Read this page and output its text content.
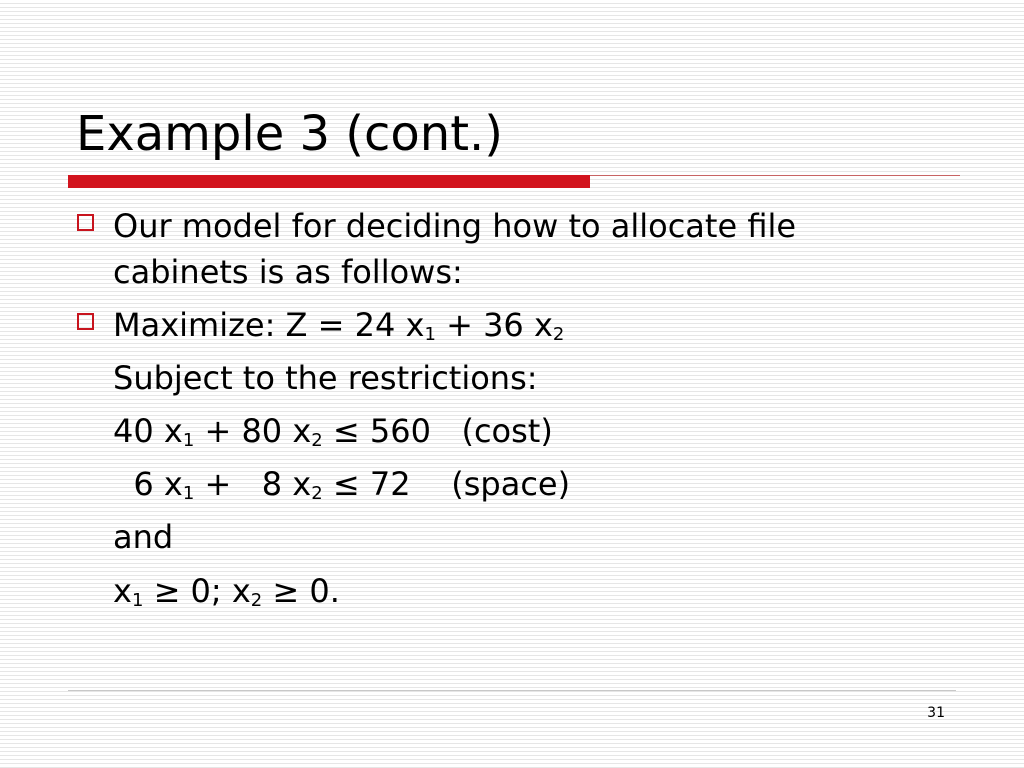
Example 3 (cont.)
Our model for deciding how to allocate file
cabinets is as follows:
Maximize: Z = 24 $x_1 + 36$ $x_2$
Subject to the restrictions:
40 $x_1 + 80$ $x_2 \le 560$   (cost)
6 $x_1 + 8$ $x_2 \le 72$    (space)
and
$x_1 \ge 0$; $x_2 \ge 0$.
31
